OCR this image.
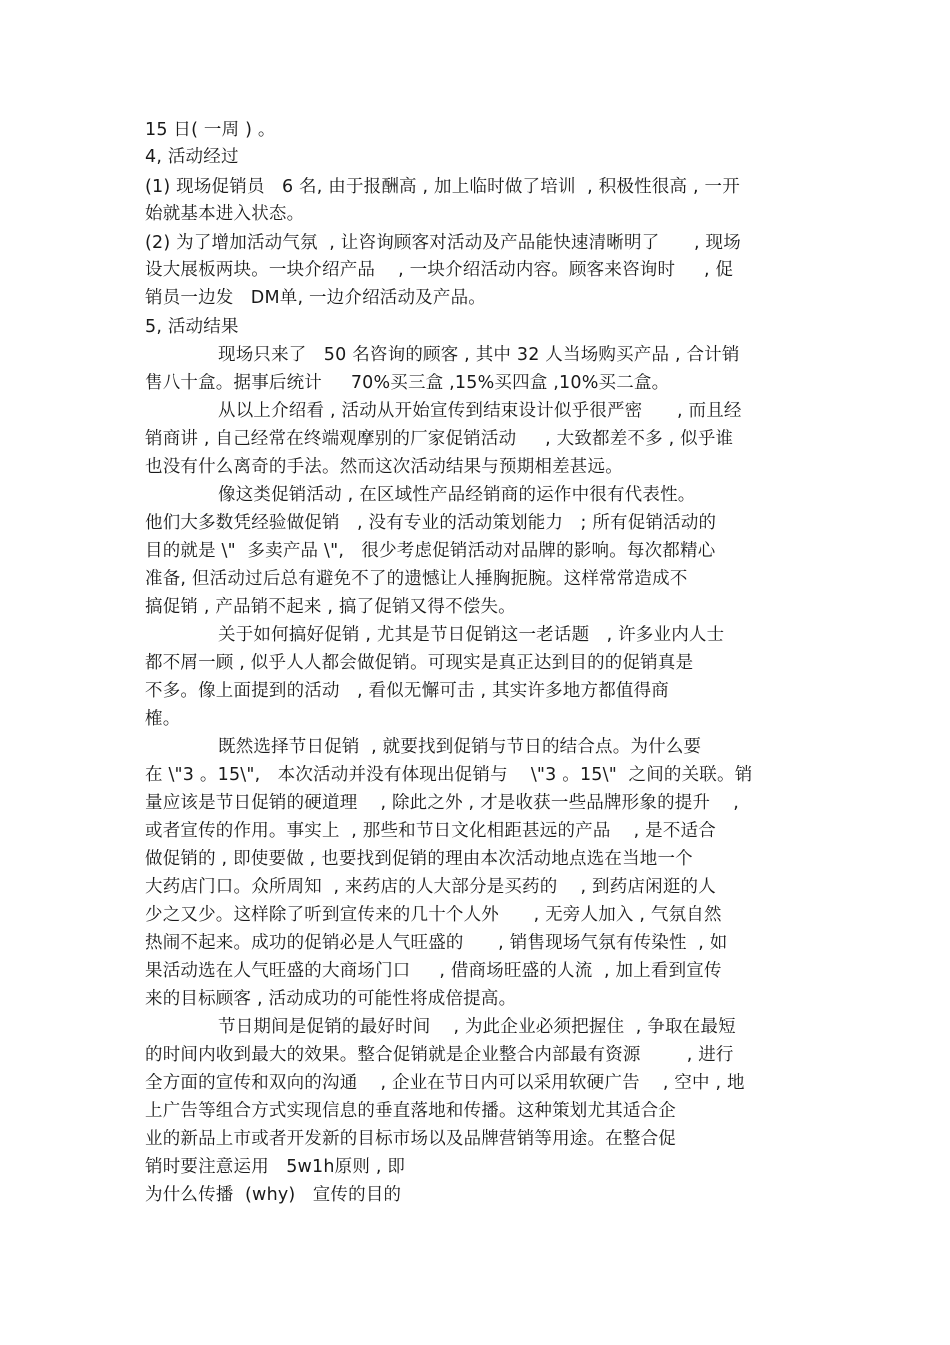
15 日( 一周 ) 。
4, 活动经过
(1) 现场促销员   6 名, 由于报酬高 , 加上临时做了培训  , 积极性很高 , 一开
始就基本进入状态。
(2) 为了增加活动气氛  , 让咨询顾客对活动及产品能快速清晰明了      , 现场
设大展板两块。一块介绍产品    , 一块介绍活动内容。顾客来咨询时     , 促
销员一边发   DM单, 一边介绍活动及产品。
5, 活动结果
现场只来了   50 名咨询的顾客 , 其中 32 人当场购买产品 , 合计销
售八十盒。据事后统计     70%买三盒 ,15%买四盒 ,10%买二盒。
从以上介绍看 , 活动从开始宣传到结束设计似乎很严密      , 而且经
销商讲 , 自己经常在终端观摩别的厂家促销活动     , 大致都差不多 , 似乎谁
也没有什么离奇的手法。然而这次活动结果与预期相差甚远。
像这类促销活动 , 在区域性产品经销商的运作中很有代表性。
他们大多数凭经验做促销   , 没有专业的活动策划能力   ; 所有促销活动的
目的就是 \"  多卖产品 \",   很少考虑促销活动对品牌的影响。每次都精心
准备, 但活动过后总有避免不了的遗憾让人捶胸扼腕。这样常常造成不
搞促销 , 产品销不起来 , 搞了促销又得不偿失。
关于如何搞好促销 , 尤其是节日促销这一老话题   , 许多业内人士
都不屑一顾 , 似乎人人都会做促销。可现实是真正达到目的的促销真是
不多。像上面提到的活动   , 看似无懈可击 , 其实许多地方都值得商
榷。
既然选择节日促销  , 就要找到促销与节日的结合点。为什么要
在 \"3 。15\",   本次活动并没有体现出促销与    \"3 。15\"  之间的关联。销
量应该是节日促销的硬道理    , 除此之外 , 才是收获一些品牌形象的提升    ,
或者宣传的作用。事实上  , 那些和节日文化相距甚远的产品    , 是不适合
做促销的 , 即使要做 , 也要找到促销的理由本次活动地点选在当地一个
大药店门口。众所周知  , 来药店的人大部分是买药的    , 到药店闲逛的人
少之又少。这样除了听到宣传来的几十个人外      , 无旁人加入 , 气氛自然
热闹不起来。成功的促销必是人气旺盛的      , 销售现场气氛有传染性  , 如
果活动选在人气旺盛的大商场门口     , 借商场旺盛的人流  , 加上看到宣传
来的目标顾客 , 活动成功的可能性将成倍提高。
节日期间是促销的最好时间    , 为此企业必须把握住  , 争取在最短
的时间内收到最大的效果。整合促销就是企业整合内部最有资源        , 进行
全方面的宣传和双向的沟通    , 企业在节日内可以采用软硬广告    , 空中 , 地
上广告等组合方式实现信息的垂直落地和传播。这种策划尤其适合企
业的新品上市或者开发新的目标市场以及品牌营销等用途。在整合促
销时要注意运用   5w1h原则 , 即
为什么传播  (why)   宣传的目的
